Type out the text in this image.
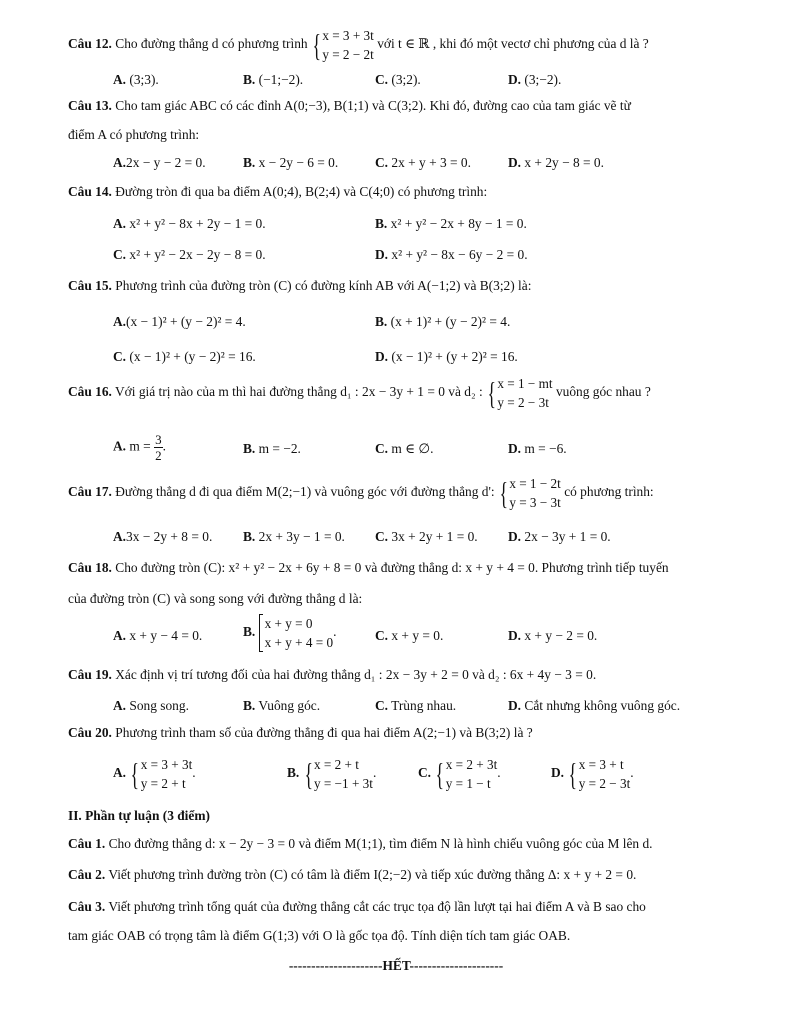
Câu 12. Cho đường thẳng d có phương trình { x = 3 + 3t
y = 2 − 2t
với t ∈ ℝ , khi đó một vectơ chỉ phương của d là ?
A. (3;3).	B. (−1;−2).	C. (3;2).	D. (3;−2).
Câu 13. Cho tam giác ABC có các đỉnh A(0;−3), B(1;1) và C(3;2). Khi đó, đường cao của tam giác vẽ từ
điểm A có phương trình:
A.2x − y − 2 = 0.	B. x − 2y − 6 = 0.	C. 2x + y + 3 = 0.	D. x + 2y − 8 = 0.
Câu 14. Đường tròn đi qua ba điểm A(0;4), B(2;4) và C(4;0) có phương trình:
A. x² + y² − 8x + 2y − 1 = 0.	B. x² + y² − 2x + 8y − 1 = 0.
C. x² + y² − 2x − 2y − 8 = 0.	D. x² + y² − 8x − 6y − 2 = 0.
Câu 15. Phương trình của đường tròn (C) có đường kính AB với A(−1;2) và B(3;2) là:
A.(x − 1)² + (y − 2)² = 4.	B. (x + 1)² + (y − 2)² = 4.
C. (x − 1)² + (y − 2)² = 16.	D. (x − 1)² + (y + 2)² = 16.
Câu 16. Với giá trị nào của m thì hai đường thẳng d₁ : 2x − 3y + 1 = 0 và d₂ : { x = 1 − mt
y = 2 − 3t
vuông góc nhau ?
A. $m = \frac{3}{2}$ .	B. m = −2.	C. m ∈ ∅.	D. m = −6.
Câu 17. Đường thẳng d đi qua điểm M(2;−1) và vuông góc với đường thẳng d': { x = 1 − 2t
y = 3 − 3t
có phương trình:
A.3x − 2y + 8 = 0. B. 2x + 3y − 1 = 0. C. 3x + 2y + 1 = 0. D. 2x − 3y + 1 = 0.
Câu 18. Cho đường tròn (C): x² + y² − 2x + 6y + 8 = 0 và đường thẳng d: x + y + 4 = 0. Phương trình tiếp tuyến
của đường tròn (C) và song song với đường thẳng d là:
A. x + y − 4 = 0.	B.
x + y = 0
x + y + 4 = 0
.	C. x + y = 0.	D. x + y − 2 = 0.
Câu 19. Xác định vị trí tương đối của hai đường thẳng d₁ : 2x − 3y + 2 = 0 và d₂ : 6x + 4y − 3 = 0.
A. Song song.	B. Vuông góc.	C. Trùng nhau.	D. Cắt nhưng không vuông góc.
Câu 20. Phương trình tham số của đường thẳng đi qua hai điểm A(2;−1) và B(3;2) là ?
A. { x = 3 + 3t
y = 2 + t
.	B. { x = 2 + t
y = −1 + 3t
.	C. { x = 2 + 3t
y = 1 − t
.	D. { x = 3 + t
y = 2 − 3t
.
II. Phần tự luận (3 điểm)
Câu 1. Cho đường thẳng d: x − 2y − 3 = 0 và điểm M(1;1), tìm điểm N là hình chiếu vuông góc của M lên d.
Câu 2. Viết phương trình đường tròn (C) có tâm là điểm I(2;−2) và tiếp xúc đường thẳng Δ: x + y + 2 = 0.
Câu 3. Viết phương trình tổng quát của đường thẳng cắt các trục tọa độ lần lượt tại hai điểm A và B sao cho
tam giác OAB có trọng tâm là điểm G(1;3) với O là gốc tọa độ. Tính diện tích tam giác OAB.
---------------------HẾT---------------------
